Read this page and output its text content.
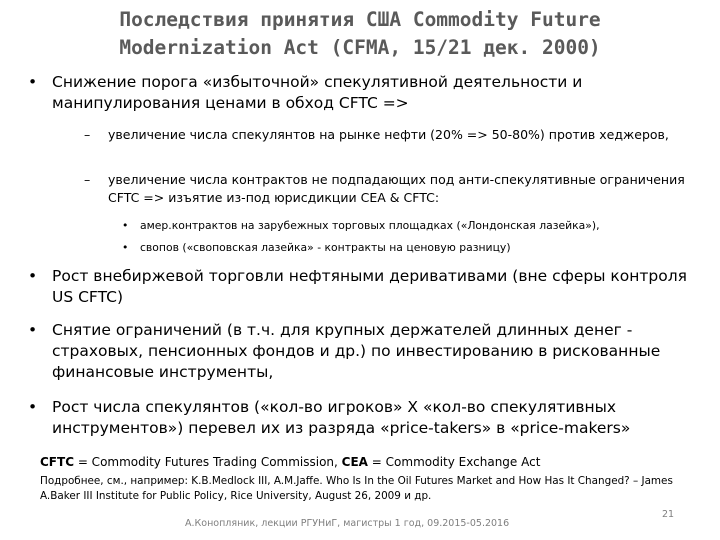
Последствия принятия США Commodity Future
Modernization Act (CFMA, 15/21 дек. 2000)
• Снижение порога «избыточной» спекулятивной деятельности и манипулирования ценами в обход CFTC =>
– увеличение числа спекулянтов на рынке нефти (20% => 50-80%) против хеджеров,
– увеличение числа контрактов не подпадающих под анти-спекулятивные ограничения CFTC => изъятие из-под юрисдикции CEA & CFTC:
• амер.контрактов на зарубежных торговых площадках («Лондонская лазейка»),
• свопов («своповская лазейка» - контракты на ценовую разницу)
• Рост внебиржевой торговли нефтяными деривативами (вне сферы контроля US CFTC)
• Снятие ограничений (в т.ч. для крупных держателей длинных денег - страховых, пенсионных фондов и др.) по инвестированию в рискованные финансовые инструменты,
• Рост числа спекулянтов («кол-во игроков» Х «кол-во спекулятивных инструментов») перевел их из разряда «price-takers» в «price-makers»
CFTC = Commodity Futures Trading Commission, CEA = Commodity Exchange Act
Подробнее, см., например: K.B.Medlock III, A.M.Jaffe. Who Is In the Oil Futures Market and How Has It Changed? – James A.Baker III Institute for Public Policy, Rice University, August 26, 2009 и др.
А.Конопляник, лекции РГУНиГ, магистры 1 год, 09.2015-05.2016
21
